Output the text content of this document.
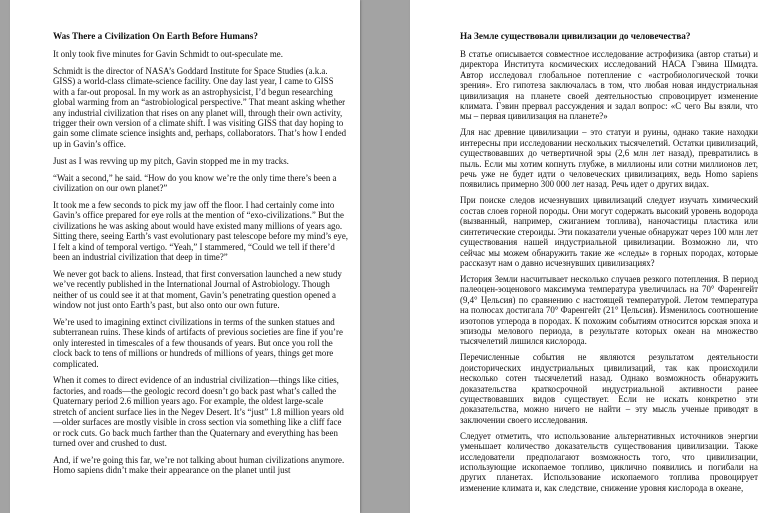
Was There a Civilization On Earth Before Humans?

It only took five minutes for Gavin Schmidt to out-speculate me.

Schmidt is the director of NASA’s Goddard Institute for Space Studies (a.k.a. GISS) a world-class climate-science facility. One day last year, I came to GISS with a far-out proposal. In my work as an astrophysicist, I’d begun researching global warming from an “astrobiological perspective.” That meant asking whether any industrial civilization that rises on any planet will, through their own activity, trigger their own version of a climate shift. I was visiting GISS that day hoping to gain some climate science insights and, perhaps, collaborators. That’s how I ended up in Gavin’s office.

Just as I was revving up my pitch, Gavin stopped me in my tracks.

“Wait a second,” he said. “How do you know we’re the only time there’s been a civilization on our own planet?”

It took me a few seconds to pick my jaw off the floor. I had certainly come into Gavin’s office prepared for eye rolls at the mention of “exo-civilizations.” But the civilizations he was asking about would have existed many millions of years ago. Sitting there, seeing Earth’s vast evolutionary past telescope before my mind’s eye, I felt a kind of temporal vertigo. “Yeah,” I stammered, “Could we tell if there’d been an industrial civilization that deep in time?”

We never got back to aliens. Instead, that first conversation launched a new study we’ve recently published in the International Journal of Astrobiology. Though neither of us could see it at that moment, Gavin’s penetrating question opened a window not just onto Earth’s past, but also onto our own future.

We’re used to imagining extinct civilizations in terms of the sunken statues and subterranean ruins. These kinds of artifacts of previous societies are fine if you’re only interested in timescales of a few thousands of years. But once you roll the clock back to tens of millions or hundreds of millions of years, things get more complicated.

When it comes to direct evidence of an industrial civilization—things like cities, factories, and roads—the geologic record doesn’t go back past what’s called the Quaternary period 2.6 million years ago. For example, the oldest large-scale stretch of ancient surface lies in the Negev Desert. It’s “just” 1.8 million years old—older surfaces are mostly visible in cross section via something like a cliff face or rock cuts. Go back much farther than the Quaternary and everything has been turned over and crushed to dust.

And, if we’re going this far, we’re not talking about human civilizations anymore. Homo sapiens didn’t make their appearance on the planet until just

На Земле существовали цивилизации до человечества?

В статье описывается совместное исследование астрофизика (автор статьи) и директора Института космических исследований НАСА Гэвина Шмидта. Автор исследовал глобальное потепление с «астробиологической точки зрения». Его гипотеза заключалась в том, что любая новая индустриальная цивилизация на планете своей деятельностью спровоцирует изменение климата. Гэвин прервал рассуждения и задал вопрос: «С чего Вы взяли, что мы – первая цивилизация на планете?»

Для нас древние цивилизации – это статуи и руины, однако такие находки интересны при исследовании нескольких тысячелетий. Остатки цивилизаций, существовавших до четвертичной эры (2,6 млн лет назад), превратились в пыль. Если мы хотим копнуть глубже, в миллионы или сотни миллионов лет, речь уже не будет идти о человеческих цивилизациях, ведь Homo sapiens появились примерно 300 000 лет назад. Речь идет о других видах.

При поиске следов исчезнувших цивилизаций следует изучать химический состав слоев горной породы. Они могут содержать высокий уровень водорода (вызванный, например, сжиганием топлива), наночастицы пластика или синтетические стероиды. Эти показатели ученые обнаружат через 100 млн лет существования нашей индустриальной цивилизации. Возможно ли, что сейчас мы можем обнаружить такие же «следы» в горных породах, которые рассказут нам о давно исчезнувших цивилизациях?

История Земли насчитывает несколько случаев резкого потепления. В период палеоцен-эоценового максимума температура увеличилась на 70° Фаренгейт (9,4° Цельсия) по сравнению с настоящей температурой. Летом температура на полюсах достигала 70° Фаренгейт (21° Цельсия). Изменилось соотношение изотопов углерода в породах. К похожим событиям относится юрская эпоха и эпизоды мелового периода, в результате которых океан на множество тысячелетий лишился кислорода.

Перечисленные события не являются результатом деятельности доисторических индустриальных цивилизаций, так как происходили несколько сотен тысячелетий назад. Однако возможность обнаружить доказательства краткосрочной индустриальной активности ранее существовавших видов существует. Если не искать конкретно эти доказательства, можно ничего не найти – эту мысль ученые приводят в заключении своего исследования.

Следует отметить, что использование альтернативных источников энергии уменьшает количество доказательств существования цивилизации. Также исследователи предполагают возможность того, что цивилизации, использующие ископаемое топливо, циклично появились и погибали на других планетах. Использование ископаемого топлива провоцирует изменение климата и, как следствие, снижение уровня кислорода в океане,
